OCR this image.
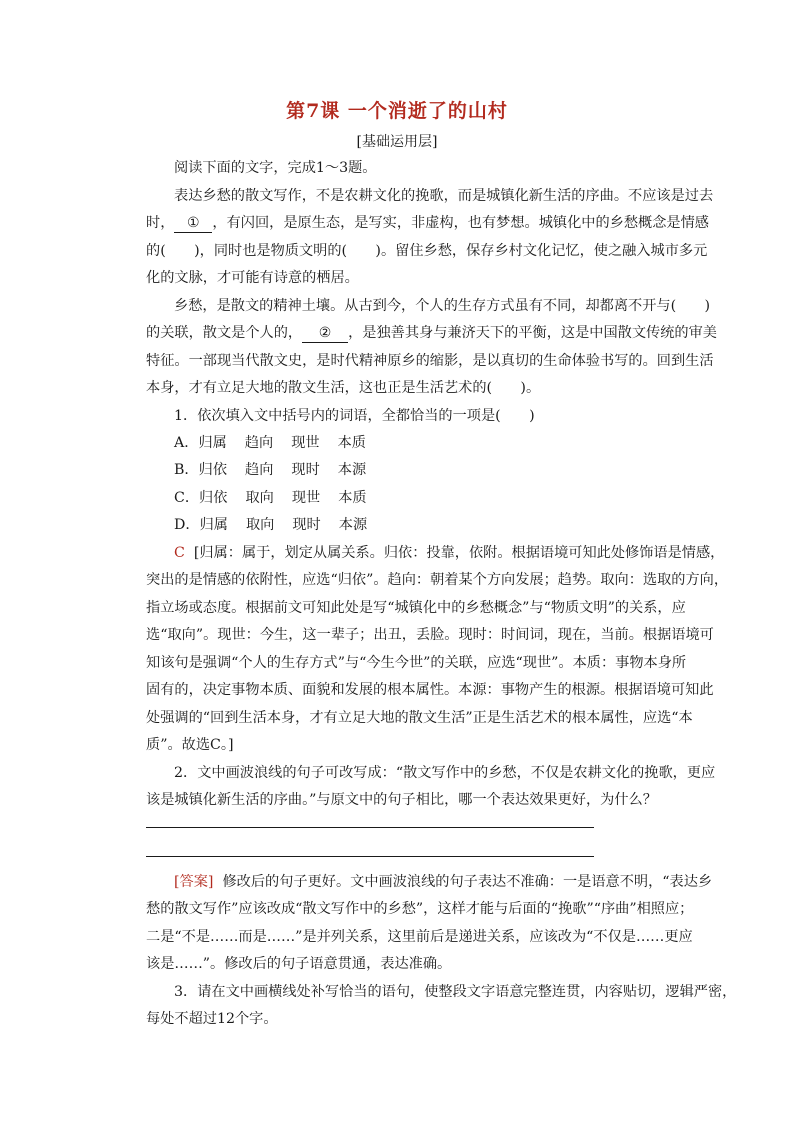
第7课 一个消逝了的山村
[基础运用层]
阅读下面的文字，完成1～3题。
表达乡愁的散文写作，不是农耕文化的挽歌，而是城镇化新生活的序曲。不应该是过去
时， ① ，有闪回，是原生态，是写实，非虚构，也有梦想。城镇化中的乡愁概念是情感
的(　　)，同时也是物质文明的(　　)。留住乡愁，保存乡村文化记忆，使之融入城市多元
化的文脉，才可能有诗意的栖居。
乡愁，是散文的精神土壤。从古到今，个人的生存方式虽有不同，却都离不开与(　　)
的关联，散文是个人的， ② ，是独善其身与兼济天下的平衡，这是中国散文传统的审美
特征。一部现当代散文史，是时代精神原乡的缩影，是以真切的生命体验书写的。回到生活
本身，才有立足大地的散文生活，这也正是生活艺术的(　　)。
1．依次填入文中括号内的词语，全都恰当的一项是(　　)
A．归属 趋向 现世 本质
B．归依 趋向 现时 本源
C．归依 取向 现世 本质
D．归属 取向 现时 本源
C [归属：属于，划定从属关系。归依：投靠，依附。根据语境可知此处修饰语是情感，
突出的是情感的依附性，应选“归依”。趋向：朝着某个方向发展；趋势。取向：选取的方向，
指立场或态度。根据前文可知此处是写“城镇化中的乡愁概念”与“物质文明”的关系，应
选“取向”。现世：今生，这一辈子；出丑，丢脸。现时：时间词，现在，当前。根据语境可
知该句是强调“个人的生存方式”与“今生今世”的关联，应选“现世”。本质：事物本身所
固有的，决定事物本质、面貌和发展的根本属性。本源：事物产生的根源。根据语境可知此
处强调的“回到生活本身，才有立足大地的散文生活”正是生活艺术的根本属性，应选“本
质”。故选C。]
2．文中画波浪线的句子可改写成：“散文写作中的乡愁，不仅是农耕文化的挽歌，更应
该是城镇化新生活的序曲。”与原文中的句子相比，哪一个表达效果更好，为什么？
[答案] 修改后的句子更好。文中画波浪线的句子表达不准确：一是语意不明，“表达乡
愁的散文写作”应该改成“散文写作中的乡愁”，这样才能与后面的“挽歌”“序曲”相照应；
二是“不是……而是……”是并列关系，这里前后是递进关系，应该改为“不仅是……更应
该是……”。修改后的句子语意贯通，表达准确。
3．请在文中画横线处补写恰当的语句，使整段文字语意完整连贯，内容贴切，逻辑严密，
每处不超过12个字。
